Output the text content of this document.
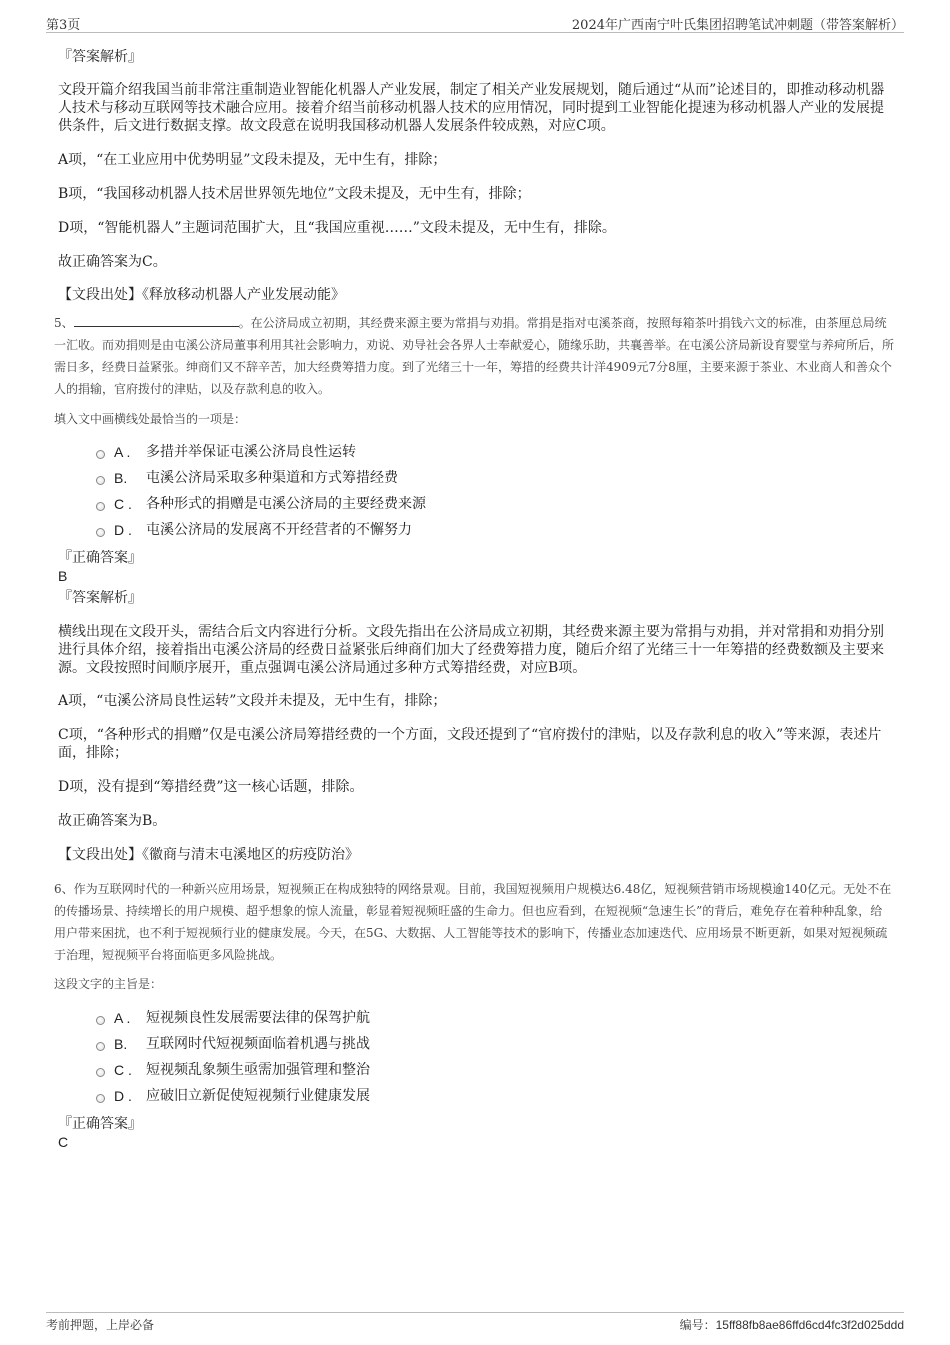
第3页	2024年广西南宁叶氏集团招聘笔试冲刺题（带答案解析）
『答案解析』
文段开篇介绍我国当前非常注重制造业智能化机器人产业发展，制定了相关产业发展规划，随后通过“从而”论述目的，即推动移动机器人技术与移动互联网等技术融合应用。接着介绍当前移动机器人技术的应用情况，同时提到工业智能化提速为移动机器人产业的发展提供条件，后文进行数据支撑。故文段意在说明我国移动机器人发展条件较成熟，对应C项。
A项，“在工业应用中优势明显”文段未提及，无中生有，排除；
B项，“我国移动机器人技术居世界领先地位”文段未提及，无中生有，排除；
D项，“智能机器人”主题词范围扩大，且“我国应重视……”文段未提及，无中生有，排除。
故正确答案为C。
【文段出处】《释放移动机器人产业发展动能》
5、	。在公济局成立初期，其经费来源主要为常捐与劝捐。常捐是指对屯溪茶商，按照每箱茶叶捐钱六文的标准，由茶厘总局统一汇收。而劝捐则是由屯溪公济局董事利用其社会影响力，劝说、劝导社会各界人士奉献爱心，随缘乐助，共襄善举。在屯溪公济局新设育婴堂与养疴所后，所需日多，经费日益紧张。绅商们又不辞辛苦，加大经费筹措力度。到了光绪三十一年，筹措的经费共计洋4909元7分8厘，主要来源于茶业、木业商人和善众个人的捐输，官府拨付的津贴，以及存款利息的收入。
填入文中画横线处最恰当的一项是：
A .	多措并举保证屯溪公济局良性运转
B.	屯溪公济局采取多种渠道和方式筹措经费
C .	各种形式的捐赠是屯溪公济局的主要经费来源
D .	屯溪公济局的发展离不开经营者的不懈努力
『正确答案』
B
『答案解析』
横线出现在文段开头，需结合后文内容进行分析。文段先指出在公济局成立初期，其经费来源主要为常捐与劝捐，并对常捐和劝捐分别进行具体介绍，接着指出屯溪公济局的经费日益紧张后绅商们加大了经费筹措力度，随后介绍了光绪三十一年筹措的经费数额及主要来源。文段按照时间顺序展开，重点强调屯溪公济局通过多种方式筹措经费，对应B项。
A项，“屯溪公济局良性运转”文段并未提及，无中生有，排除；
C项，“各种形式的捐赠”仅是屯溪公济局筹措经费的一个方面，文段还提到了“官府拨付的津贴，以及存款利息的收入”等来源，表述片面，排除；
D项，没有提到“筹措经费”这一核心话题，排除。
故正确答案为B。
【文段出处】《徽商与清末屯溪地区的疠疫防治》
6、作为互联网时代的一种新兴应用场景，短视频正在构成独特的网络景观。目前，我国短视频用户规模达6.48亿，短视频营销市场规模逾140亿元。无处不在的传播场景、持续增长的用户规模、超乎想象的惊人流量，彰显着短视频旺盛的生命力。但也应看到，在短视频“急速生长”的背后，难免存在着种种乱象，给用户带来困扰，也不利于短视频行业的健康发展。今天，在5G、大数据、人工智能等技术的影响下，传播业态加速迭代、应用场景不断更新，如果对短视频疏于治理，短视频平台将面临更多风险挑战。
这段文字的主旨是：
A .	短视频良性发展需要法律的保驾护航
B.	互联网时代短视频面临着机遇与挑战
C .	短视频乱象频生亟需加强管理和整治
D .	应破旧立新促使短视频行业健康发展
『正确答案』
C
考前押题，上岸必备	编号：15ff88fb8ae86ffd6cd4fc3f2d025ddd
